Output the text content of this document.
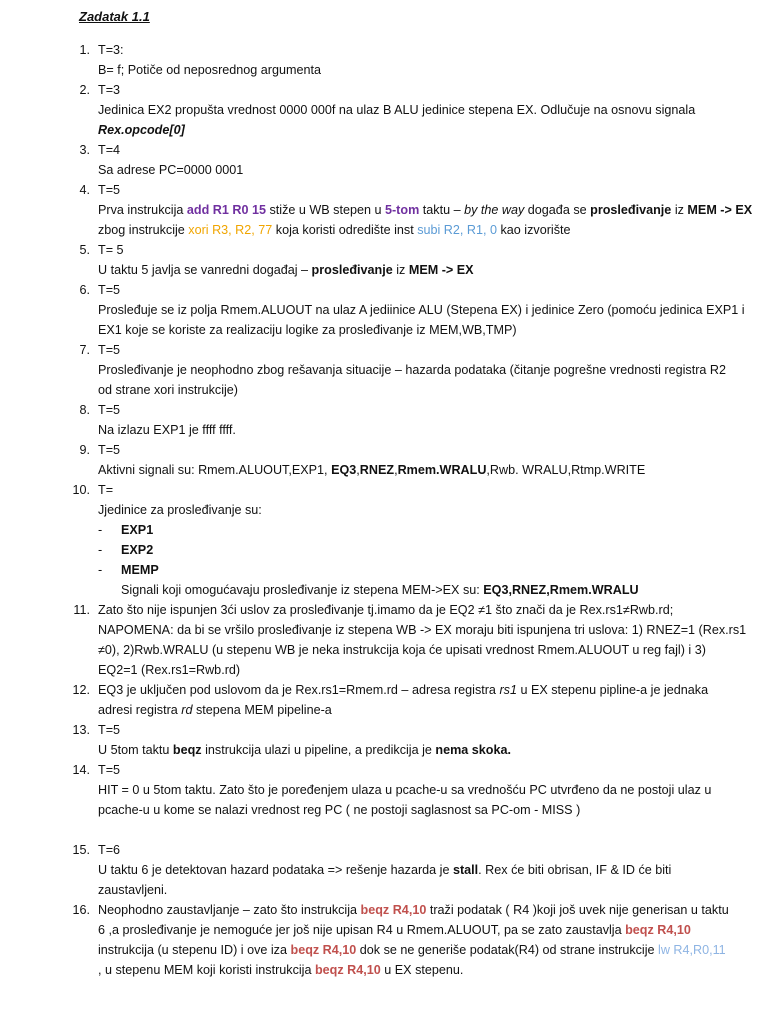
Zadatak 1.1
1. T=3:
B= f; Potiče od neposrednog argumenta
2. T=3
Jedinica EX2 propušta vrednost 0000 000f na ulaz B ALU jedinice stepena EX. Odlučuje na osnovu signala
Rex.opcode[0]
3. T=4
Sa adrese PC=0000 0001
4. T=5
Prva instrukcija add R1 R0 15 stiže u WB stepen u 5-tom taktu – by the way događa se prosleđivanje iz MEM -> EX
zbog instrukcije xori R3, R2, 77 koja koristi odredište inst subi R2, R1, 0 kao izvorište
5. T= 5
U taktu 5 javlja se vanredni događaj – prosleđivanje iz MEM -> EX
6. T=5
Prosleđuje se iz polja Rmem.ALUOUT na ulaz A jediinice ALU (Stepena EX) i jedinice Zero (pomoću jedinica EXP1 i
EX1 koje se koriste za realizaciju logike za prosleđivanje iz MEM,WB,TMP)
7. T=5
Prosleđivanje je neophodno zbog rešavanja situacije – hazarda podataka (čitanje pogrešne vrednosti registra R2
od strane xori instrukcije)
8. T=5
Na izlazu EXP1 je ffff ffff.
9. T=5
Aktivni signali su: Rmem.ALUOUT,EXP1, EQ3,RNEZ,Rmem.WRALU,Rwb. WRALU,Rtmp.WRITE
10. T=
Jjedinice za prosleđivanje su:
- EXP1
- EXP2
- MEMP
Signali koji omogućavaju prosleđivanje iz stepena MEM->EX su: EQ3,RNEZ,Rmem.WRALU
11. Zato što nije ispunjen 3ći uslov za prosleđivanje tj.imamo da je EQ2 ≠1 što znači da je Rex.rs1≠Rwb.rd;
NAPOMENA: da bi se vršilo prosleđivanje iz stepena WB -> EX moraju biti ispunjena tri uslova: 1) RNEZ=1 (Rex.rs1
≠0), 2)Rwb.WRALU (u stepenu WB je neka instrukcija koja će upisati vrednost Rmem.ALUOUT u reg fajl) i 3)
EQ2=1 (Rex.rs1=Rwb.rd)
12. EQ3 je uključen pod uslovom da je Rex.rs1=Rmem.rd – adresa registra rs1 u EX stepenu pipline-a je jednaka
adresi registra rd stepena MEM pipeline-a
13. T=5
U 5tom taktu beqz instrukcija ulazi u pipeline, a predikcija je nema skoka.
14. T=5
HIT = 0 u 5tom taktu. Zato što je poređenjem ulaza u pcache-u sa vrednošću PC utvrđeno da ne postoji ulaz u
pcache-u u kome se nalazi vrednost reg PC ( ne postoji saglasnost sa PC-om - MISS )
15. T=6
U taktu 6 je detektovan hazard podataka => rešenje hazarda je stall. Rex će biti obrisan, IF & ID će biti
zaustavljeni.
16. Neophodno zaustavljanje – zato što instrukcija beqz R4,10 traži podatak ( R4 )koji još uvek nije generisan u taktu
6 ,a prosleđivanje je nemoguće jer još nije upisan R4 u Rmem.ALUOUT, pa se zato zaustavlja beqz R4,10
instrukcija (u stepenu ID) i ove iza beqz R4,10 dok se ne generiše podatak(R4) od strane instrukcije lw R4,R0,11
, u stepenu MEM koji koristi instrukcija beqz R4,10 u EX stepenu.
